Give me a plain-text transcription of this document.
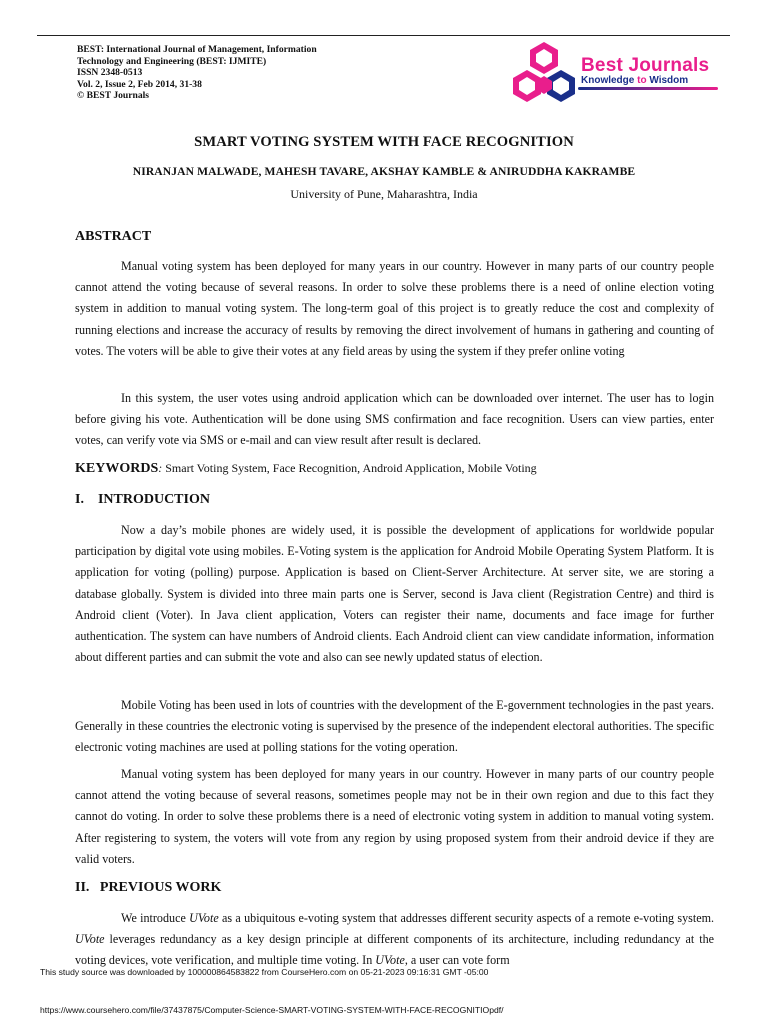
BEST: International Journal of Management, Information
Technology and Engineering (BEST: IJMITE)
ISSN 2348-0513
Vol. 2, Issue 2, Feb 2014, 31-38
© BEST Journals
Best Journals
Knowledge to Wisdom
SMART VOTING SYSTEM WITH FACE RECOGNITION
NIRANJAN MALWADE, MAHESH TAVARE, AKSHAY KAMBLE & ANIRUDDHA KAKRAMBE
University of Pune, Maharashtra, India
ABSTRACT
Manual voting system has been deployed for many years in our country. However in many parts of our country people cannot attend the voting because of several reasons. In order to solve these problems there is a need of online election voting system in addition to manual voting system. The long-term goal of this project is to greatly reduce the cost and complexity of running elections and increase the accuracy of results by removing the direct involvement of humans in gathering and counting of votes. The voters will be able to give their votes at any field areas by using the system if they prefer online voting
In this system, the user votes using android application which can be downloaded over internet. The user has to login before giving his vote. Authentication will be done using SMS confirmation and face recognition. Users can view parties, enter votes, can verify vote via SMS or e-mail and can view result after result is declared.
KEYWORDS: Smart Voting System, Face Recognition, Android Application, Mobile Voting
I.    INTRODUCTION
Now a day’s mobile phones are widely used, it is possible the development of applications for worldwide popular participation by digital vote using mobiles. E-Voting system is the application for Android Mobile Operating System Platform. It is application for voting (polling) purpose. Application is based on Client-Server Architecture. At server site, we are storing a database globally. System is divided into three main parts one is Server, second is Java client (Registration Centre) and third is Android client (Voter). In Java client application, Voters can register their name, documents and face image for further authentication. The system can have numbers of Android clients. Each Android client can view candidate information, information about different parties and can submit the vote and also can see newly updated status of election.
Mobile Voting has been used in lots of countries with the development of the E-government technologies in the past years. Generally in these countries the electronic voting is supervised by the presence of the independent electoral authorities. The specific electronic voting machines are used at polling stations for the voting operation.
Manual voting system has been deployed for many years in our country. However in many parts of our country people cannot attend the voting because of several reasons, sometimes people may not be in their own region and due to this fact they cannot do voting. In order to solve these problems there is a need of electronic voting system in addition to manual voting system. After registering to system, the voters will vote from any region by using proposed system from their android device if they are valid voters.
II.   PREVIOUS WORK
We introduce UVote as a ubiquitous e-voting system that addresses different security aspects of a remote e-voting system. UVote leverages redundancy as a key design principle at different components of its architecture, including redundancy at the voting devices, vote verification, and multiple time voting. In UVote, a user can vote form
This study source was downloaded by 100000864583822 from CourseHero.com on 05-21-2023 09:16:31 GMT -05:00
https://www.coursehero.com/file/37437875/Computer-Science-SMART-VOTING-SYSTEM-WITH-FACE-RECOGNITIOpdf/
